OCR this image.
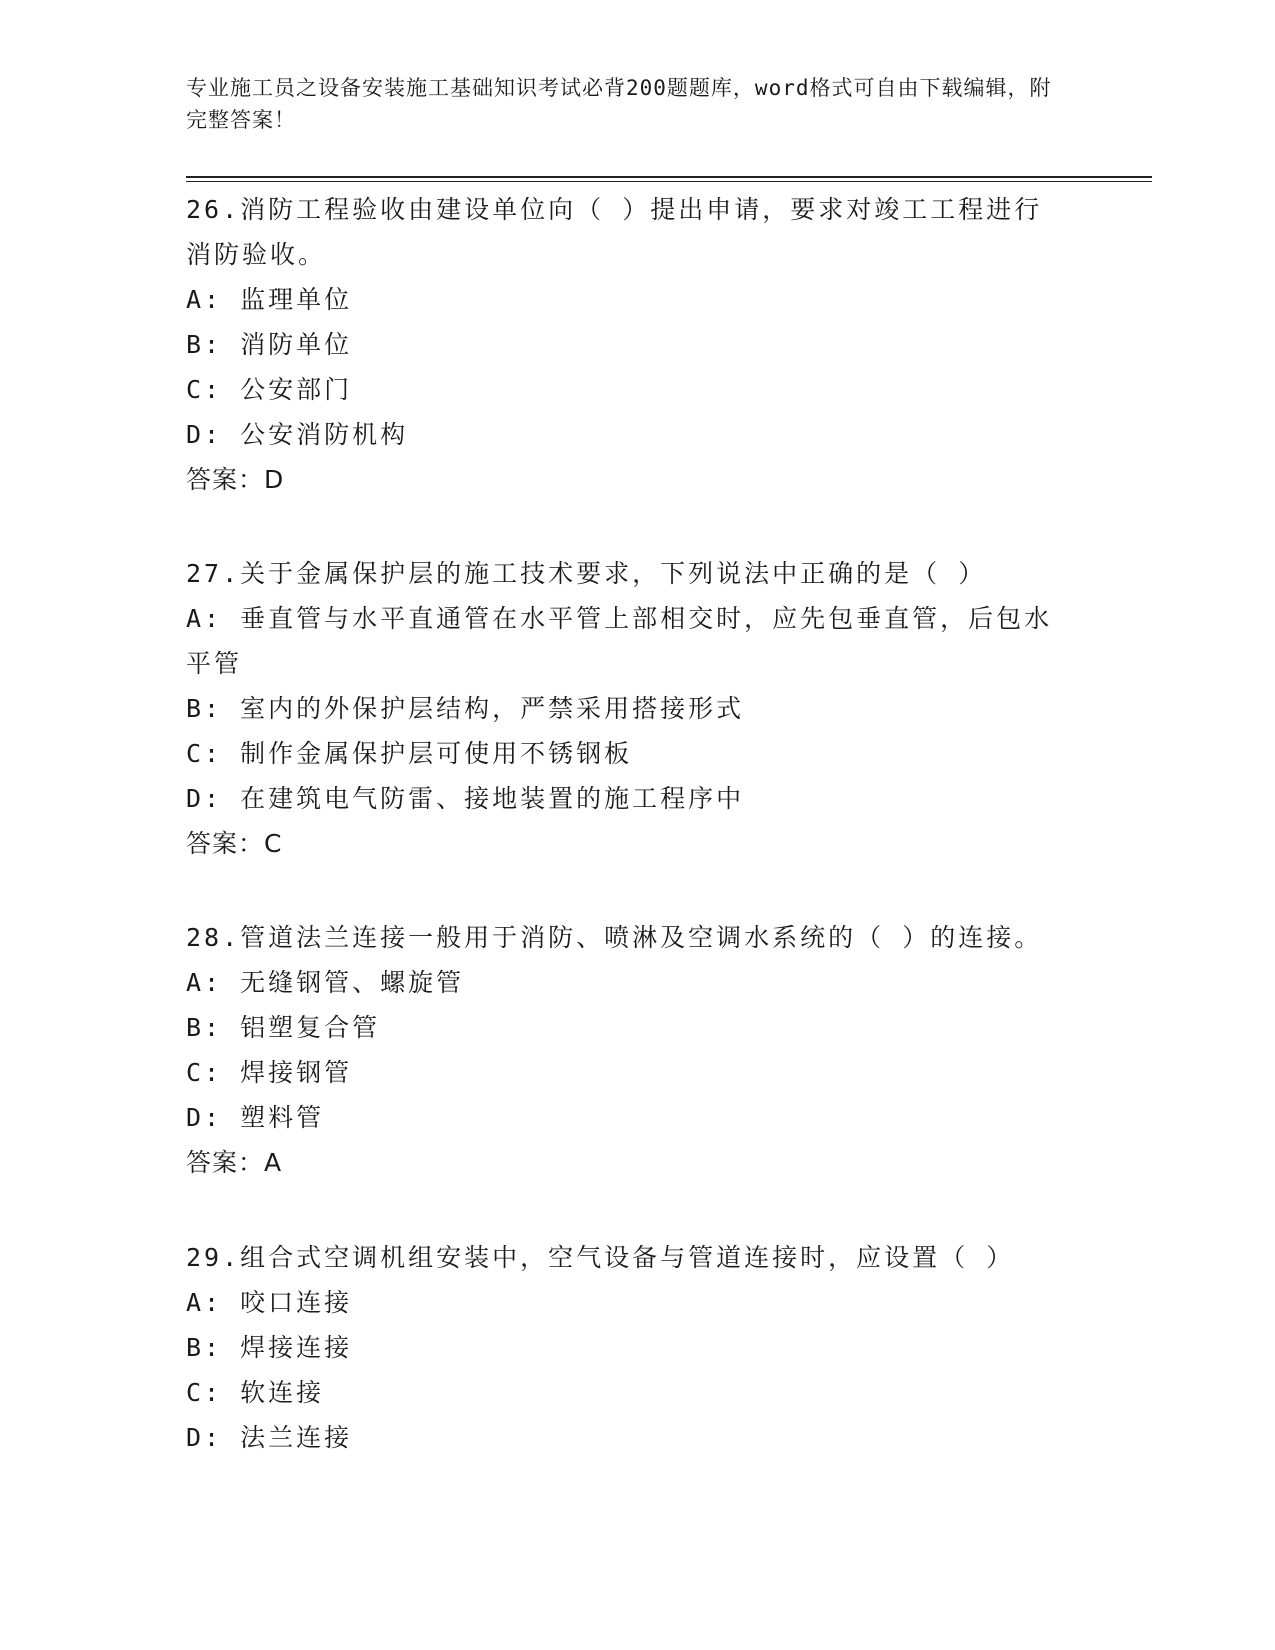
专业施工员之设备安装施工基础知识考试必背200题题库，word格式可自由下载编辑，附完整答案！
26.消防工程验收由建设单位向（ ）提出申请，要求对竣工工程进行消防验收。
A: 监理单位
B: 消防单位
C: 公安部门
D: 公安消防机构
答案：D
27.关于金属保护层的施工技术要求，下列说法中正确的是（ ）
A: 垂直管与水平直通管在水平管上部相交时，应先包垂直管，后包水平管
B: 室内的外保护层结构，严禁采用搭接形式
C: 制作金属保护层可使用不锈钢板
D: 在建筑电气防雷、接地装置的施工程序中
答案：C
28.管道法兰连接一般用于消防、喷淋及空调水系统的（ ）的连接。
A: 无缝钢管、螺旋管
B: 铝塑复合管
C: 焊接钢管
D: 塑料管
答案：A
29.组合式空调机组安装中，空气设备与管道连接时，应设置（ ）
A: 咬口连接
B: 焊接连接
C: 软连接
D: 法兰连接
